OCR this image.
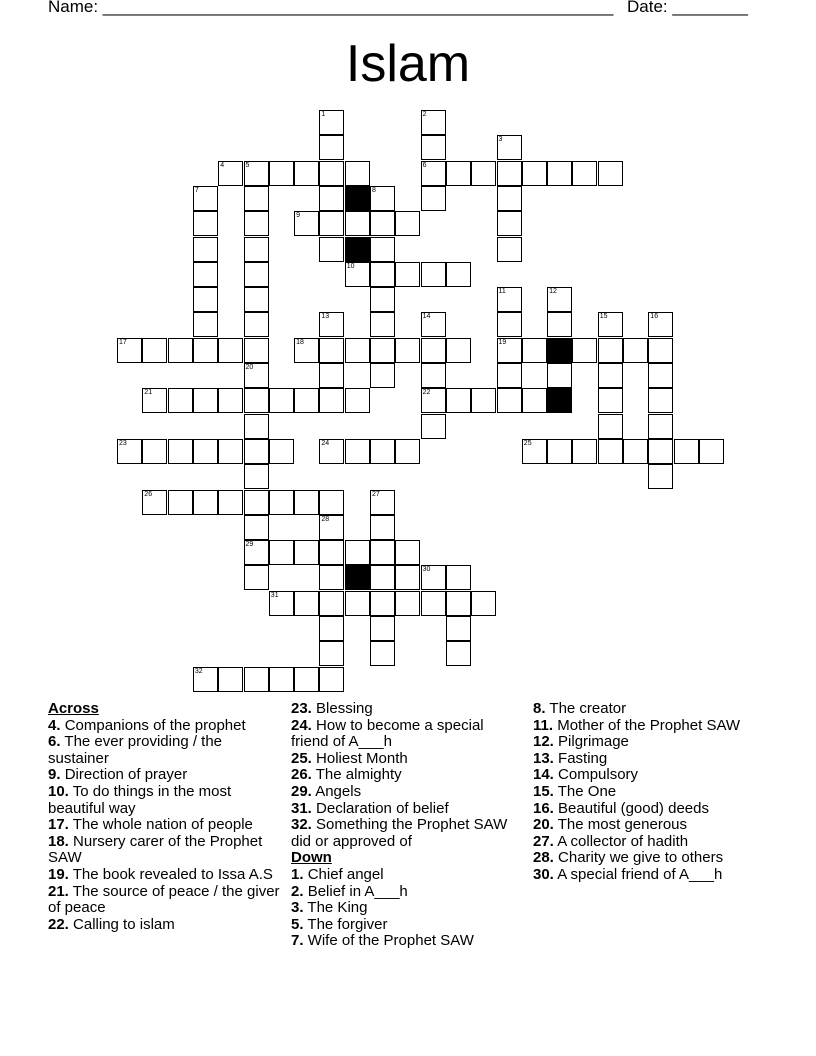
Name: ______________________________________________________ Date: ________
Islam
4	5	6
9
10
17	18	19
21	22
23	24	25
26
29
30
31
32
1	2
3
7	8
11	12
13	14	15	16
20
27
28
Across
4. Companions of the prophet
6. The ever providing / the sustainer
9. Direction of prayer
10. To do things in the most beautiful way
17. The whole nation of people
18. Nursery carer of the Prophet SAW
19. The book revealed to Issa A.S
21. The source of peace / the giver of peace
22. Calling to islam
23. Blessing
24. How to become a special friend of A___h
25. Holiest Month
26. The almighty
29. Angels
31. Declaration of belief
32. Something the Prophet SAW did or approved of
Down
1. Chief angel
2. Belief in A___h
3. The King
5. The forgiver
7. Wife of the Prophet SAW
8. The creator
11. Mother of the Prophet SAW
12. Pilgrimage
13. Fasting
14. Compulsory
15. The One
16. Beautiful (good) deeds
20. The most generous
27. A collector of hadith
28. Charity we give to others
30. A special friend of A___h
